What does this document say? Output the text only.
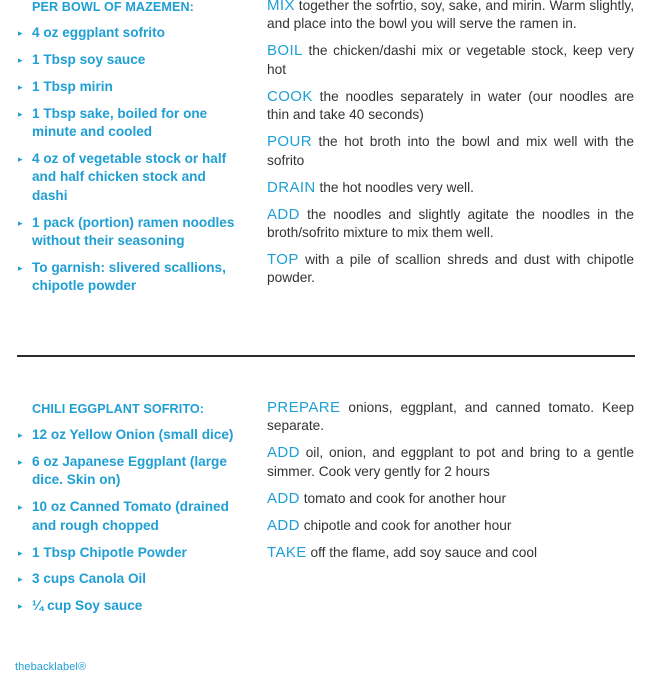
PER BOWL OF MAZEMEN:
▸ 4 oz eggplant sofrito
▸ 1 Tbsp soy sauce
▸ 1 Tbsp mirin
▸ 1 Tbsp sake, boiled for one minute and cooled
▸ 4 oz of vegetable stock or half and half chicken stock and dashi
▸ 1 pack (portion) ramen noodles without their seasoning
▸ To garnish: slivered scallions, chipotle powder
MIX together the sofrtio, soy, sake, and mirin. Warm slightly, and place into the bowl you will serve the ramen in.
BOIL the chicken/dashi mix or vegetable stock, keep very hot
COOK the noodles separately in water (our noodles are thin and take 40 seconds)
POUR the hot broth into the bowl and mix well with the sofrito
DRAIN the hot noodles very well.
ADD the noodles and slightly agitate the noodles in the broth/sofrito mixture to mix them well.
TOP with a pile of scallion shreds and dust with chipotle powder.
CHILI EGGPLANT SOFRITO:
▸ 12 oz Yellow Onion (small dice)
▸ 6 oz Japanese Eggplant (large dice. Skin on)
▸ 10 oz Canned Tomato (drained and rough chopped
▸ 1 Tbsp Chipotle Powder
▸ 3 cups Canola Oil
▸ ¼ cup Soy sauce
PREPARE onions, eggplant, and canned tomato. Keep separate.
ADD oil, onion, and eggplant to pot and bring to a gentle simmer. Cook very gently for 2 hours
ADD tomato and cook for another hour
ADD chipotle and cook for another hour
TAKE off the flame, add soy sauce and cool
thebacklabel®
